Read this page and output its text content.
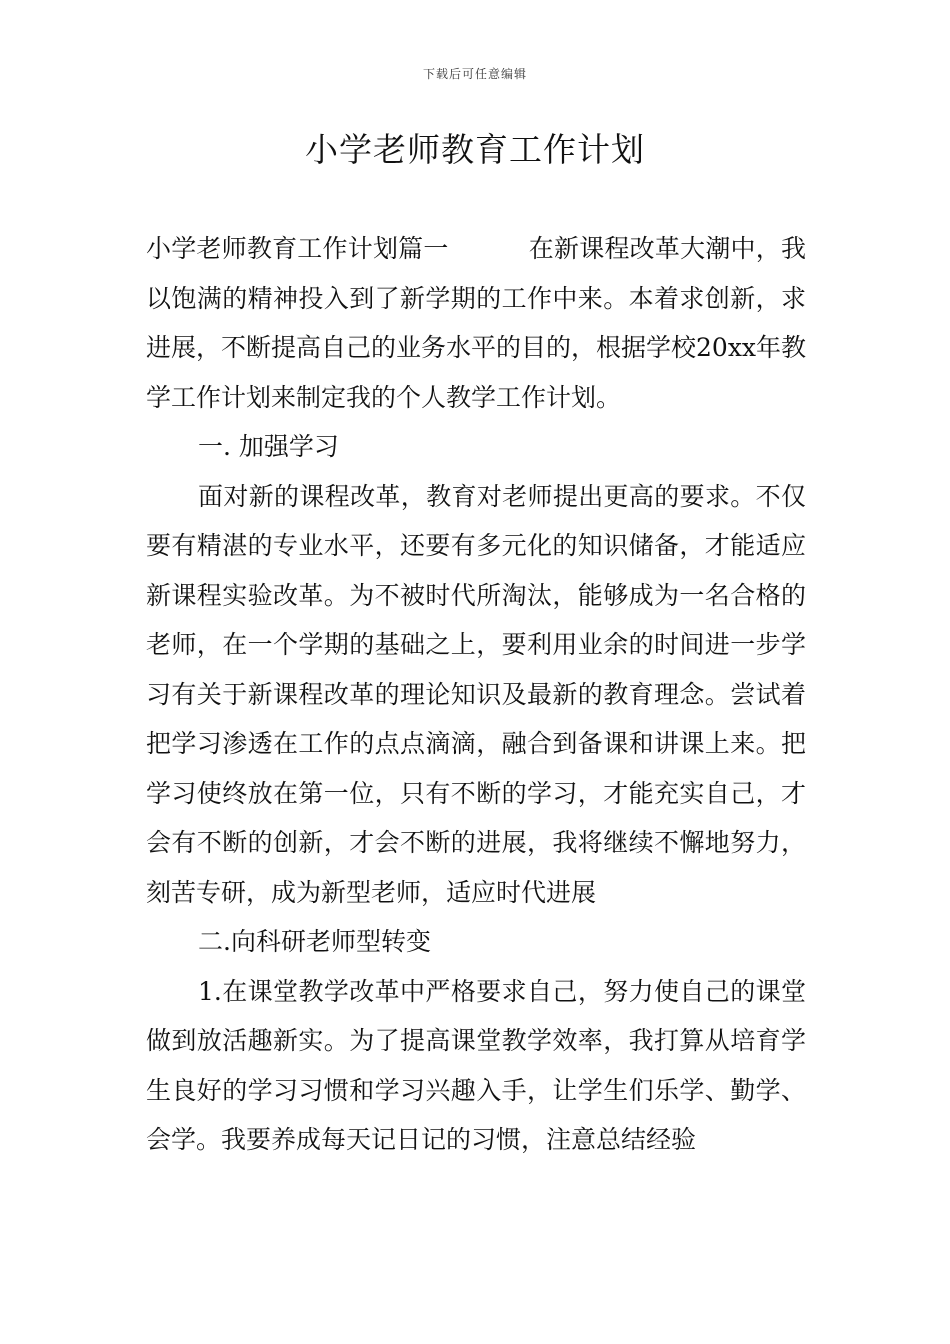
下载后可任意编辑
小学老师教育工作计划

小学老师教育工作计划篇一	在新课程改革大潮中，我以饱满的精神投入到了新学期的工作中来。本着求创新，求进展，不断提高自己的业务水平的目的，根据学校20xx年教学工作计划来制定我的个人教学工作计划。

一. 加强学习

面对新的课程改革，教育对老师提出更高的要求。不仅要有精湛的专业水平，还要有多元化的知识储备，才能适应新课程实验改革。为不被时代所淘汰，能够成为一名合格的老师，在一个学期的基础之上，要利用业余的时间进一步学习有关于新课程改革的理论知识及最新的教育理念。尝试着把学习渗透在工作的点点滴滴，融合到备课和讲课上来。把学习使终放在第一位，只有不断的学习，才能充实自己，才会有不断的创新，才会不断的进展，我将继续不懈地努力，刻苦专研，成为新型老师，适应时代进展

二.向科研老师型转变

1.在课堂教学改革中严格要求自己，努力使自己的课堂做到放活趣新实。为了提高课堂教学效率，我打算从培育学生良好的学习习惯和学习兴趣入手，让学生们乐学、勤学、会学。我要养成每天记日记的习惯，注意总结经验
